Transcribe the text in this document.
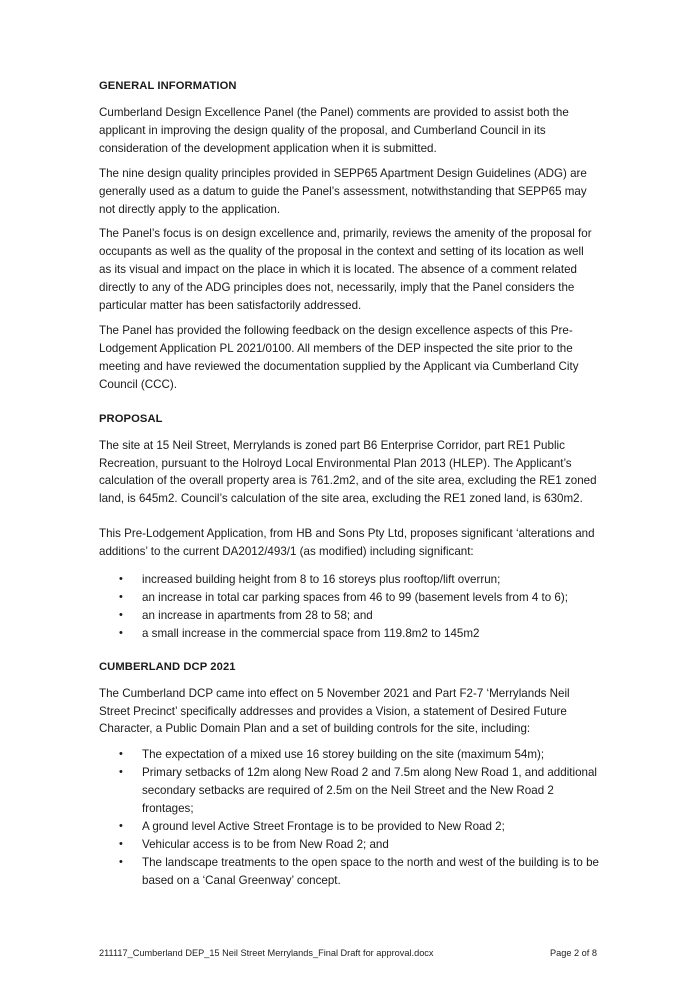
GENERAL INFORMATION

Cumberland Design Excellence Panel (the Panel) comments are provided to assist both the applicant in improving the design quality of the proposal, and Cumberland Council in its consideration of the development application when it is submitted.

The nine design quality principles provided in SEPP65 Apartment Design Guidelines (ADG) are generally used as a datum to guide the Panel’s assessment, notwithstanding that SEPP65 may not directly apply to the application.

The Panel’s focus is on design excellence and, primarily, reviews the amenity of the proposal for occupants as well as the quality of the proposal in the context and setting of its location as well as its visual and impact on the place in which it is located. The absence of a comment related directly to any of the ADG principles does not, necessarily, imply that the Panel considers the particular matter has been satisfactorily addressed.

The Panel has provided the following feedback on the design excellence aspects of this Pre-Lodgement Application PL 2021/0100. All members of the DEP inspected the site prior to the meeting and have reviewed the documentation supplied by the Applicant via Cumberland City Council (CCC).

PROPOSAL

The site at 15 Neil Street, Merrylands is zoned part B6 Enterprise Corridor, part RE1 Public Recreation, pursuant to the Holroyd Local Environmental Plan 2013 (HLEP). The Applicant’s calculation of the overall property area is 761.2m2, and of the site area, excluding the RE1 zoned land, is 645m2. Council’s calculation of the site area, excluding the RE1 zoned land, is 630m2.

This Pre-Lodgement Application, from HB and Sons Pty Ltd, proposes significant ‘alterations and additions’ to the current DA2012/493/1 (as modified) including significant:

• increased building height from 8 to 16 storeys plus rooftop/lift overrun;
• an increase in total car parking spaces from 46 to 99 (basement levels from 4 to 6);
• an increase in apartments from 28 to 58; and
• a small increase in the commercial space from 119.8m2 to 145m2
CUMBERLAND DCP 2021

The Cumberland DCP came into effect on 5 November 2021 and Part F2-7 ‘Merrylands Neil Street Precinct’ specifically addresses and provides a Vision, a statement of Desired Future Character, a Public Domain Plan and a set of building controls for the site, including:

• The expectation of a mixed use 16 storey building on the site (maximum 54m);
• Primary setbacks of 12m along New Road 2 and 7.5m along New Road 1, and additional secondary setbacks are required of 2.5m on the Neil Street and the New Road 2 frontages;
• A ground level Active Street Frontage is to be provided to New Road 2;
• Vehicular access is to be from New Road 2; and
• The landscape treatments to the open space to the north and west of the building is to be based on a ‘Canal Greenway’ concept.
211117_Cumberland DEP_15 Neil Street Merrylands_Final Draft for approval.docx	Page 2 of 8
